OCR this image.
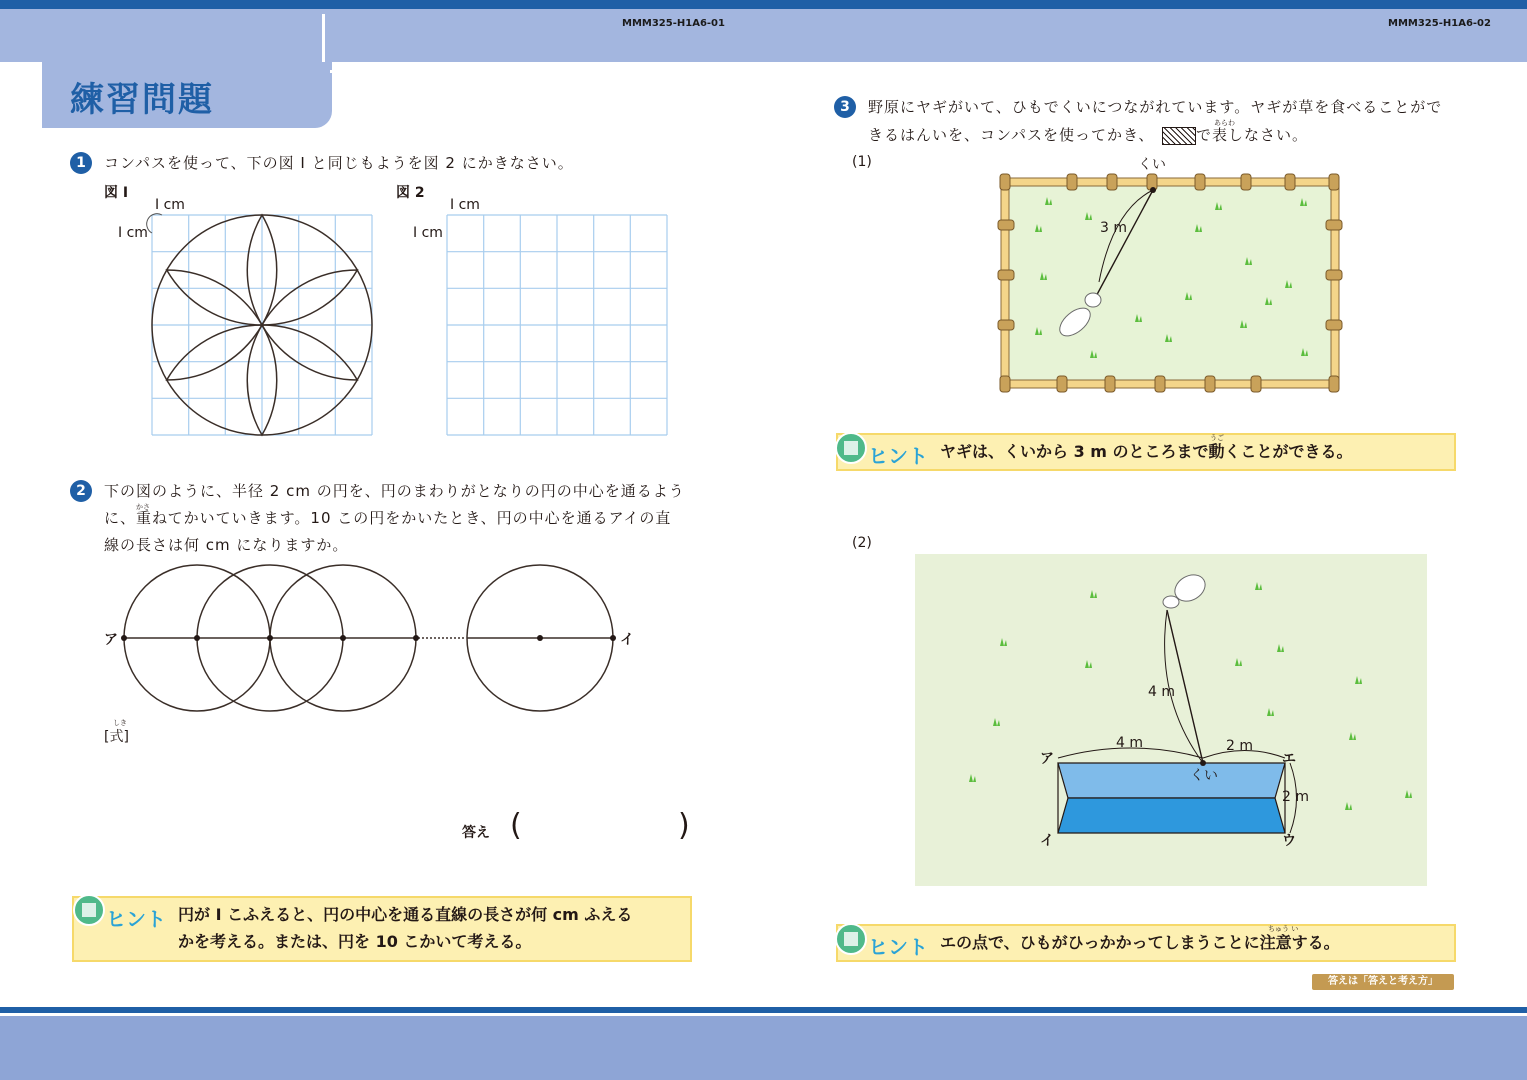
MMM325-H1A6-01	MMM325-H1A6-02
練習問題
1	コンパスを使って、下の図 I と同じもようを図 2 にかきなさい。
図 I	図 2
I cm
I cm
I cm
I cm
2	下の図のように、半径 2 cm の円を、円のまわりがとなりの円の中心を通るよう
かさ
に、重ねてかいていきます。10 この円をかいたとき、円の中心を通るアイの直
線の長さは何 cm になりますか。
ア	イ
しき
[式]
答え (	)
ヒント 円が I こふえると、円の中心を通る直線の長さが何 cm ふえる
かを考える。または、円を 10 こかいて考える。
3	野原にヤギがいて、ひもでくいにつながれています。ヤギが草を食べることがで
きるはんいを、コンパスを使ってかき、
あらわ
で表しなさい。
(1)	くい
3 m
ヒント
うご
ヤギは、くいから 3 m のところまで動くことができる。
(2)
4 m
4 m	2 m
2 m
くい
ア	エ
イ	ウ
ヒント
ちゅう い
エの点で、ひもがひっかかってしまうことに注意する。
答えは「答えと考え方」
